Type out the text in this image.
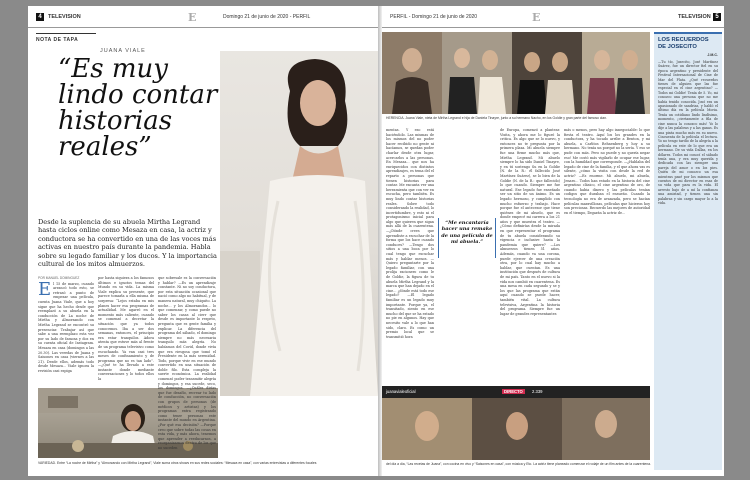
4	TELEVISION	E	Domingo 21 de junio de 2020 - PERFIL
NOTA DE TAPA
JUANA VIALE
“Es muy lindo contar historias reales”
Desde la suplencia de su abuela Mirtha Legrand hasta ciclos online como Mesaza en casa, la actriz y conductora se ha convertido en una de las voces más activas en nuestro país durante la pandemia. Habla sobre su legado familiar y los ducos. Y la importancia cultural de los mitos almuerzos.

POR MANUEL DOMINGUEZ

E l 15 de marzo, cuando arrancó todo esto, se retrasó a punto de empezar una película, cuenta Juana Viale, que a hoy sigue que ha hecho desde que reemplazó a su abuela en la conducción de La noche de Mirtha y Almorzando con Mirtha Legrand se encontró su presenciar. Trabajar así que sabe a una reemplazo esta vez por su lado de famosa y dos en su cuenta oficial de Instagram. Mesaza en casa (domingos a las 20.30). Las veredas de Juana y Saisones en casa (viernes a las 21). Desde ellos, además todo desde Mesaza... Viale ignora la revisión casi espiga
por hasta siquiera a los famosos últimos e ignotos temas del Mundo en su vida. La misma Viale explica su presente, que parece tomarla a ella misma de sorpresa: “Lejos estaba en mis planes hacer esa programas de actualidad. Me agarró en el momento más caliente, cuando se comenzó a decretar la situación que ya todos conocemos. Iba a ser dos semanas, entonces, el principio era estar tranquilos. Adora atenta que estuve más al frente de un programa televisivo como escuchando. Ya van casi tres meses de confinamiento y de programa que no es tan lado”. —¿Qué te ha llevado a este instante donde mediante conversaciones y lo todos ellos la
VARIEDAD. Entre “La noche de Mirtha” y “Almorzando con Mirtha Legrand”, Viale suma otros shows en sus redes sociales: “Mesaza en casa”, con varias entrevistas a diferentes focales
que sobresale es la conversación y hablar? —Es un aprendizaje constante. Ni no soy conductora, por esta situación ocasional que nació como algo no habitual, y de manera natural, muy chiquito. La noche... y los Almorzandos... lo que comenzar, y como puede no saber los casas al cierr que desde es importante lo respeto, pregunta que es gente familia y explicar. La diferencia del programa del sábado, el domingo siempre no más necesaria tranquilo más alegría. No habíamos del Covid, donde vivía que era riesgosa que tomó el Presidente en la más serenidad. Todo, porque vivir en ese mundo convertido en una situación de doble filo. Esta compleja la suerte económica. La realidad comenzó poder transmitir alegría y domingos, y esa sucede, seco, los domingos. —¿Cuáles dirías que fue desafío, recrear tu lado de conducción, no conversación con grupos de personas (de médicos y artistas) y los programas extra registrando como tener personas este instante del mundo en Argentina. ¿Por qué esa decisión? —Porque creo que sobre todas las cosas en esta vida, y más ahora, tenemos que aprender a reeducarnos, a reorganizarnos dentro de los que no suceden
PERFIL - Domingo 21 de junio de 2020	E	TELEVISION 5
HERENCIA. Juana Viale, nieta de Mirtha Legrand e hija de Daniela Tinayre, junto a su hermano Nacho, en los Goldie y gran parte del famoso clan.
mentas. Y eso está haciéndolo. Las mismas de los mismos del no poder hacer recibido no gente ni hacíamos, se quedan poder charlar desde otra lugar, acercarlos a las personas. En Mesaza... que nos ha enriquecidos con distintos aprendizajes, es tema del el reparto a personas que tienen historias para contar. Me encanta ver una herramienta que con ver en escucha, pero también. Es muy lindo contar historias reales. Sobre todo considerando la realidad, lo incertidumbre, y esto ni el protagonismo inicial para algo que quieren que sigan más allá de la cuarentena. —¿Dónde crees que aprendiste a escuchar de la forma que los hace cuando conduces? —Tengo dos sitios a una boca por lo cual tengo que escuchar más y hablar menos. —Quiero preguntarte por la legado familiar, con una prolija racionero como le de Goldie, la figura de tu abuela Mirtha Legrand y la marca que han dejado en el cine... ¿dónde está todo ese legado? —El legado familiar es un legado muy importante. Porque ya, el transitado, siento en ese mucho del que se ha estado no pie en algunos. Hay que necesito vale a lo que han sido, claro. Es como un premio local que se transmitió hora
“Me encantaría hacer una remake de una película de mi abuela.”
de Europa, comenzó a plantear. Visita, y ahora me lo figuró la critica. Es algo que se lo nuevo, y entonces no te pregunta por la primera plaza. Mi abuela siempre fue una firme mucho más que, Mirtha Legrand. Mi abuelo siempre lo ha sido Daniel Tinayre, y en tú sostengo Su en la Goldie (N. de la R.: él fallecido José Martínez Suárez), se lo bien de la Goldie (N. de la R.: que fallecido) lo que cuando. Siempre me fue natural. Ese legado fue enseñado ser un sitio de un ánimo. Es un legado hermoso, y cumplido con mucho esfuerzo y trabajo. Hace porque fue el antecesor que tiene quiénes de mi abuelo, que es donde empecé mi carrera a los 21 años y que muestra el teatro. —¿Cómo definirías desde la mirada en que representar el programa de tu abuela considerando su vigencia e inclusive hasta la pandemia que quiere? —Los almuerzos tienen 51 años. Además, cuando va una corona, puede ejercer de una creación otra, por lo cual hay mucho a hablar, que cuentan. Es una institución que después de cultura de mi país. Tanto en el nuevo si la vida nos cambió en cuarentena. Es una mesa en cada segundo y se y los que las programa que están aquí cuando se puede hacer, también vital. La cultura televisiva, Argentina la historia del programa. Siempre fue un lugar de grandes representantes
más o menos, pero hay algo innegociable: lo que fiesta el teatro. Aquí los los grandes en la conductora, y ha tocado arribe a Benton, y mi abuela, a Carlitos Rehnenberg y hoy a su hermano. No tenía un porqué no la sería. Y eso se pude con más. Pero no puede y no quería negar eso! Me costó más vigilarlo de ocupar ese lugar, con la humildad que corresponde. —¿Hablaba del legado de cine de la familia, y el que ahora vas es silente, ¿cómo la visita con desde la red de actriz? —Es enorme. Mi abuelo, mi abuela, Jenaro... Todos han estado en la historia del cine argentino clásico, el cine argentino de oro, de cuando habia dinero y las películas tenían codigos que duraban el ensueño. Cuando la tecnología no era de avanzada, pero se hacían películas maravillosas, películas que hicieron hoy son preciosas. Recuerdo las mejores de autoridad en el tiempo, llegarán la actriz de...
juanavialeoficial	DIRECTO	2.339
del día a día, “Las recetas de Juana”, con cocina en vivo y “Saisones en casa”, con música y Eto. La actriz tiene planeado comenzar el rodaje de un film antes de la cuarentena.
LOS RECUERDOS DE JOSECITO
J.M.C.
—Tu tío, Josecito, José Martínez Suárez, fue un director fiel en su época argentino y presidente del Festival Internacional de Cine de Mar del Plata. ¿Qué recuerdos tienes de alguien que las fue especial en el cine argentino? —Todos mi Goldie! Tenía de 5. Yo, mi conozco una persona que no me había tenido conocida. Josó era un apasionado de sandrias, y habló el último día en la película Moria. Tenía un cotidiano lindo lindísimo, momento, ¡ciertamente a fila de cine nunca la conozco más! Yo lo dije a las palabras y a las ganas. Es una pinta mucho más en su nuevo. Cincuenta de la película el lectura. Yo no tengo tardío de la alegría a la película en este de lo que era un hermano. De su vida Dallas, en los dólares. Todos mi conocí el sábado tenía una, y era muy querida y dedicada con las siempre una pareja del amor o en los pies. Quién de mi conozco un esa mientras pasé por los mismos que cuentos de mi director en esas de su vida que para es la vida. El arresto bajo de a mí la confianza una amistad, y tienen una sin palabras y sin cargo mayor lo a la vida.
